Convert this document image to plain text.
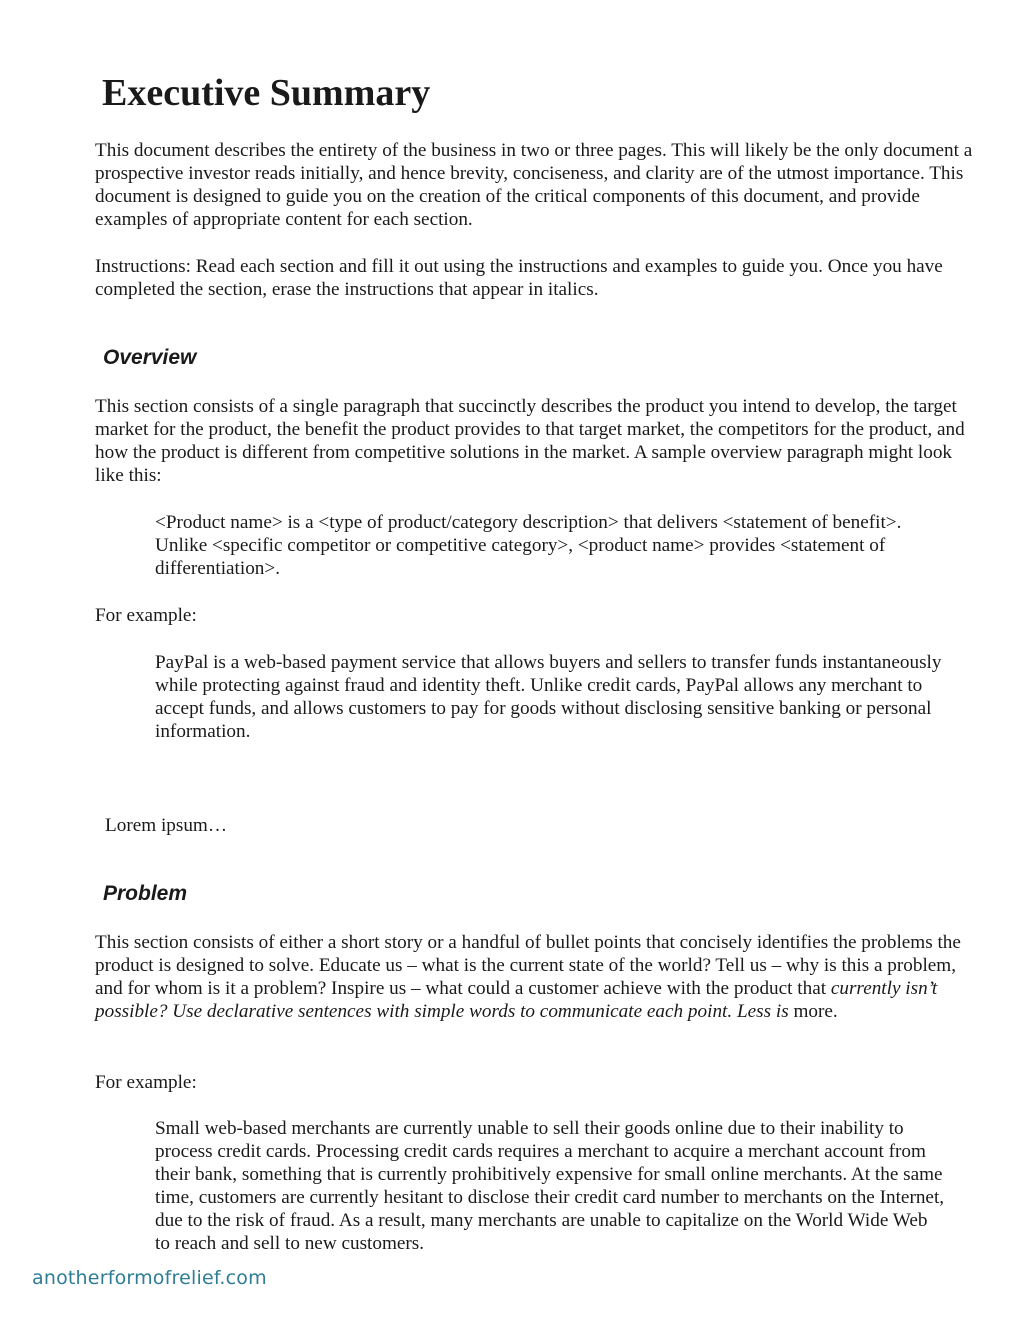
Executive Summary

This document describes the entirety of the business in two or three pages. This will likely be the only document a prospective investor reads initially, and hence brevity, conciseness, and clarity are of the utmost importance. This document is designed to guide you on the creation of the critical components of this document, and provide examples of appropriate content for each section.

Instructions: Read each section and fill it out using the instructions and examples to guide you. Once you have completed the section, erase the instructions that appear in italics.

Overview

This section consists of a single paragraph that succinctly describes the product you intend to develop, the target market for the product, the benefit the product provides to that target market, the competitors for the product, and how the product is different from competitive solutions in the market. A sample overview paragraph might look like this:

<Product name> is a <type of product/category description> that delivers <statement of benefit>. Unlike <specific competitor or competitive category>, <product name> provides <statement of differentiation>.

For example:

PayPal is a web-based payment service that allows buyers and sellers to transfer funds instantaneously while protecting against fraud and identity theft. Unlike credit cards, PayPal allows any merchant to accept funds, and allows customers to pay for goods without disclosing sensitive banking or personal information.

Lorem ipsum…

Problem

This section consists of either a short story or a handful of bullet points that concisely identifies the problems the product is designed to solve. Educate us – what is the current state of the world? Tell us – why is this a problem, and for whom is it a problem? Inspire us – what could a customer achieve with the product that currently isn’t possible? Use declarative sentences with simple words to communicate each point. Less is more.

For example:

Small web-based merchants are currently unable to sell their goods online due to their inability to process credit cards. Processing credit cards requires a merchant to acquire a merchant account from their bank, something that is currently prohibitively expensive for small online merchants. At the same time, customers are currently hesitant to disclose their credit card number to merchants on the Internet, due to the risk of fraud. As a result, many merchants are unable to capitalize on the World Wide Web to reach and sell to new customers.

anotherformofrelief.com
